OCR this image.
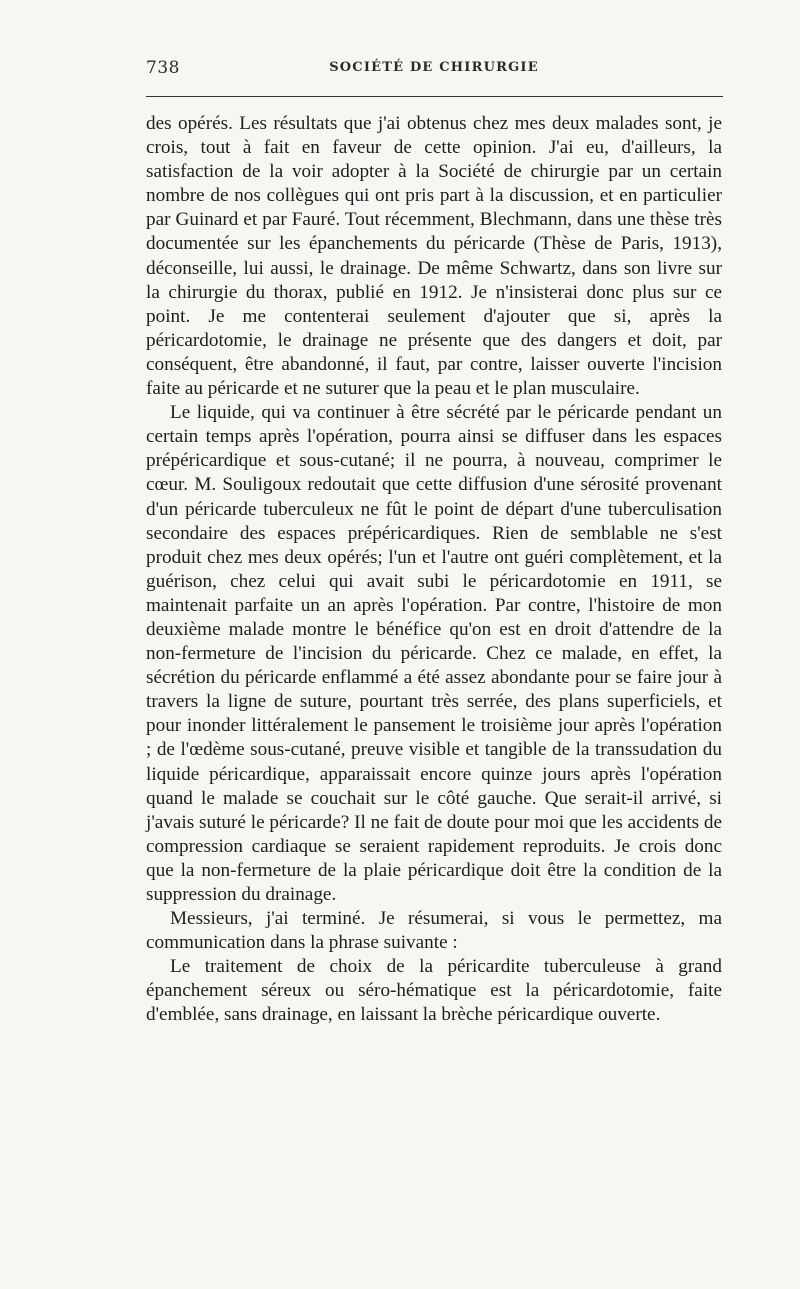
738	SOCIÉTÉ DE CHIRURGIE

des opérés. Les résultats que j'ai obtenus chez mes deux malades sont, je crois, tout à fait en faveur de cette opinion. J'ai eu, d'ailleurs, la satisfaction de la voir adopter à la Société de chirurgie par un certain nombre de nos collègues qui ont pris part à la discussion, et en particulier par Guinard et par Fauré. Tout récemment, Blechmann, dans une thèse très documentée sur les épanchements du péricarde (Thèse de Paris, 1913), déconseille, lui aussi, le drainage. De même Schwartz, dans son livre sur la chirurgie du thorax, publié en 1912. Je n'insisterai donc plus sur ce point. Je me contenterai seulement d'ajouter que si, après la péricardotomie, le drainage ne présente que des dangers et doit, par conséquent, être abandonné, il faut, par contre, laisser ouverte l'incision faite au péricarde et ne suturer que la peau et le plan musculaire.

Le liquide, qui va continuer à être sécrété par le péricarde pendant un certain temps après l'opération, pourra ainsi se diffuser dans les espaces prépéricardique et sous-cutané; il ne pourra, à nouveau, comprimer le cœur. M. Souligoux redoutait que cette diffusion d'une sérosité provenant d'un péricarde tuberculeux ne fût le point de départ d'une tuberculisation secondaire des espaces prépéricardiques. Rien de semblable ne s'est produit chez mes deux opérés; l'un et l'autre ont guéri complètement, et la guérison, chez celui qui avait subi le péricardotomie en 1911, se maintenait parfaite un an après l'opération. Par contre, l'histoire de mon deuxième malade montre le bénéfice qu'on est en droit d'attendre de la non-fermeture de l'incision du péricarde. Chez ce malade, en effet, la sécrétion du péricarde enflammé a été assez abondante pour se faire jour à travers la ligne de suture, pourtant très serrée, des plans superficiels, et pour inonder littéralement le pansement le troisième jour après l'opération ; de l'œdème sous-cutané, preuve visible et tangible de la transsudation du liquide péricardique, apparaissait encore quinze jours après l'opération quand le malade se couchait sur le côté gauche. Que serait-il arrivé, si j'avais suturé le péricarde? Il ne fait de doute pour moi que les accidents de compression cardiaque se seraient rapidement reproduits. Je crois donc que la non-fermeture de la plaie péricardique doit être la condition de la suppression du drainage.

Messieurs, j'ai terminé. Je résumerai, si vous le permettez, ma communication dans la phrase suivante :

Le traitement de choix de la péricardite tuberculeuse à grand épanchement séreux ou séro-hématique est la péricardotomie, faite d'emblée, sans drainage, en laissant la brèche péricardique ouverte.
